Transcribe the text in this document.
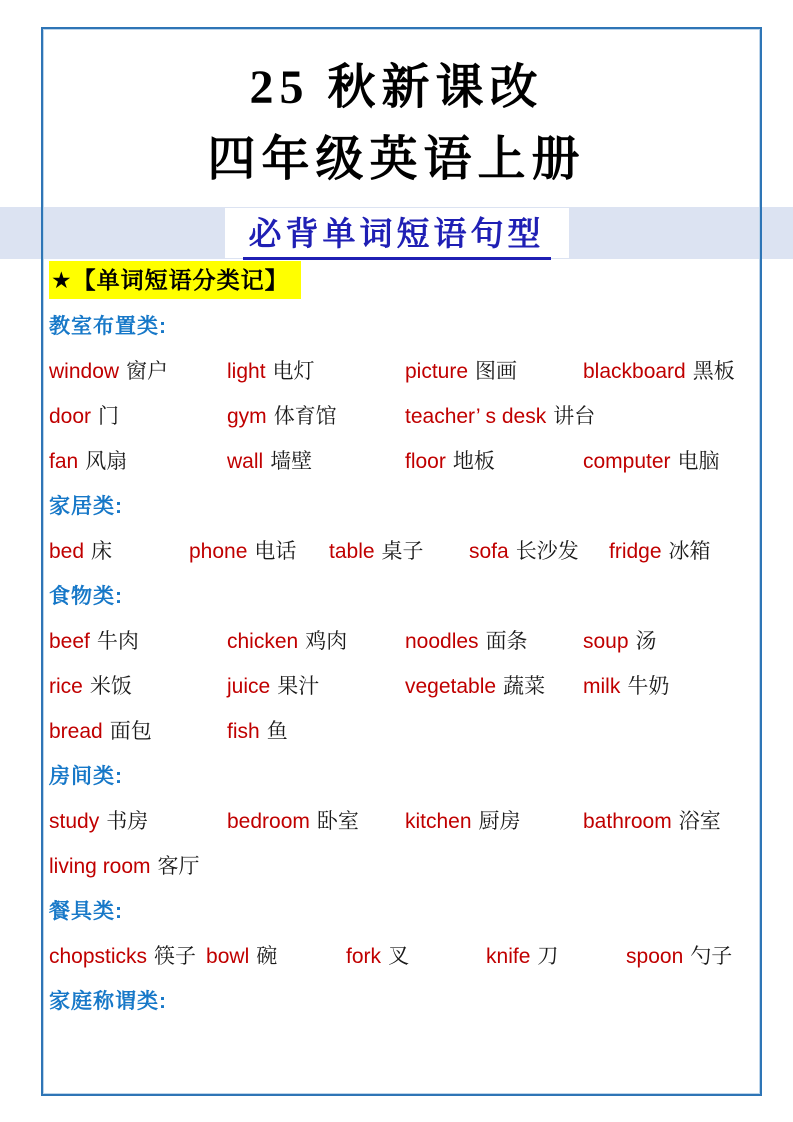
必背单词短语句型
25 秋新课改
四年级英语上册
★【单词短语分类记】
教室布置类:
window 窗户	light 电灯	picture 图画	blackboard 黑板
door 门	gym 体育馆	teacher’ s desk 讲台
fan 风扇	wall 墙壁	floor 地板	computer 电脑
家居类:
bed 床	phone 电话	table 桌子	sofa 长沙发	fridge 冰箱
食物类:
beef 牛肉	chicken 鸡肉	noodles 面条	soup 汤
rice 米饭	juice 果汁	vegetable 蔬菜	milk 牛奶
bread 面包	fish 鱼
房间类:
study 书房	bedroom 卧室	kitchen 厨房	bathroom 浴室
living room 客厅
餐具类:
chopsticks 筷子 bowl 碗	fork 叉	knife 刀	spoon 勺子
家庭称谓类:
